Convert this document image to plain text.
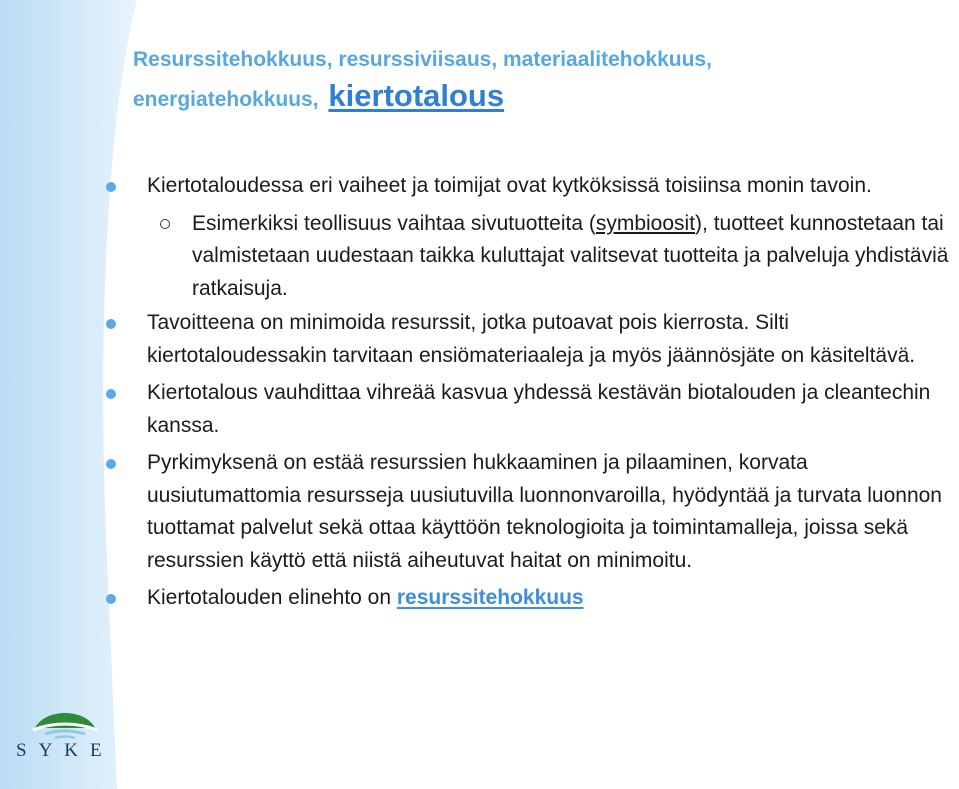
Resurssitehokkuus, resurssiviisaus, materiaalitehokkuus,
energiatehokkuus, kiertotalous

Kiertotaloudessa eri vaiheet ja toimijat ovat kytköksissä toisiinsa monin tavoin.

Esimerkiksi teollisuus vaihtaa sivutuotteita (symbioosit), tuotteet kunnostetaan tai valmistetaan uudestaan taikka kuluttajat valitsevat tuotteita ja palveluja yhdistäviä ratkaisuja.

Tavoitteena on minimoida resurssit, jotka putoavat pois kierrosta. Silti kiertotaloudessakin tarvitaan ensiömateriaaleja ja myös jäännösjäte on käsiteltävä.

Kiertotalous vauhdittaa vihreää kasvua yhdessä kestävän biotalouden ja cleantechin kanssa.

Pyrkimyksenä on estää resurssien hukkaaminen ja pilaaminen, korvata uusiutumattomia resursseja uusiutuvilla luonnonvaroilla, hyödyntää ja turvata luonnon tuottamat palvelut sekä ottaa käyttöön teknologioita ja toimintamalleja, joissa sekä resurssien käyttö että niistä aiheutuvat haitat on minimoitu.

Kiertotalouden elinehto on resurssitehokkuus

SYKE
